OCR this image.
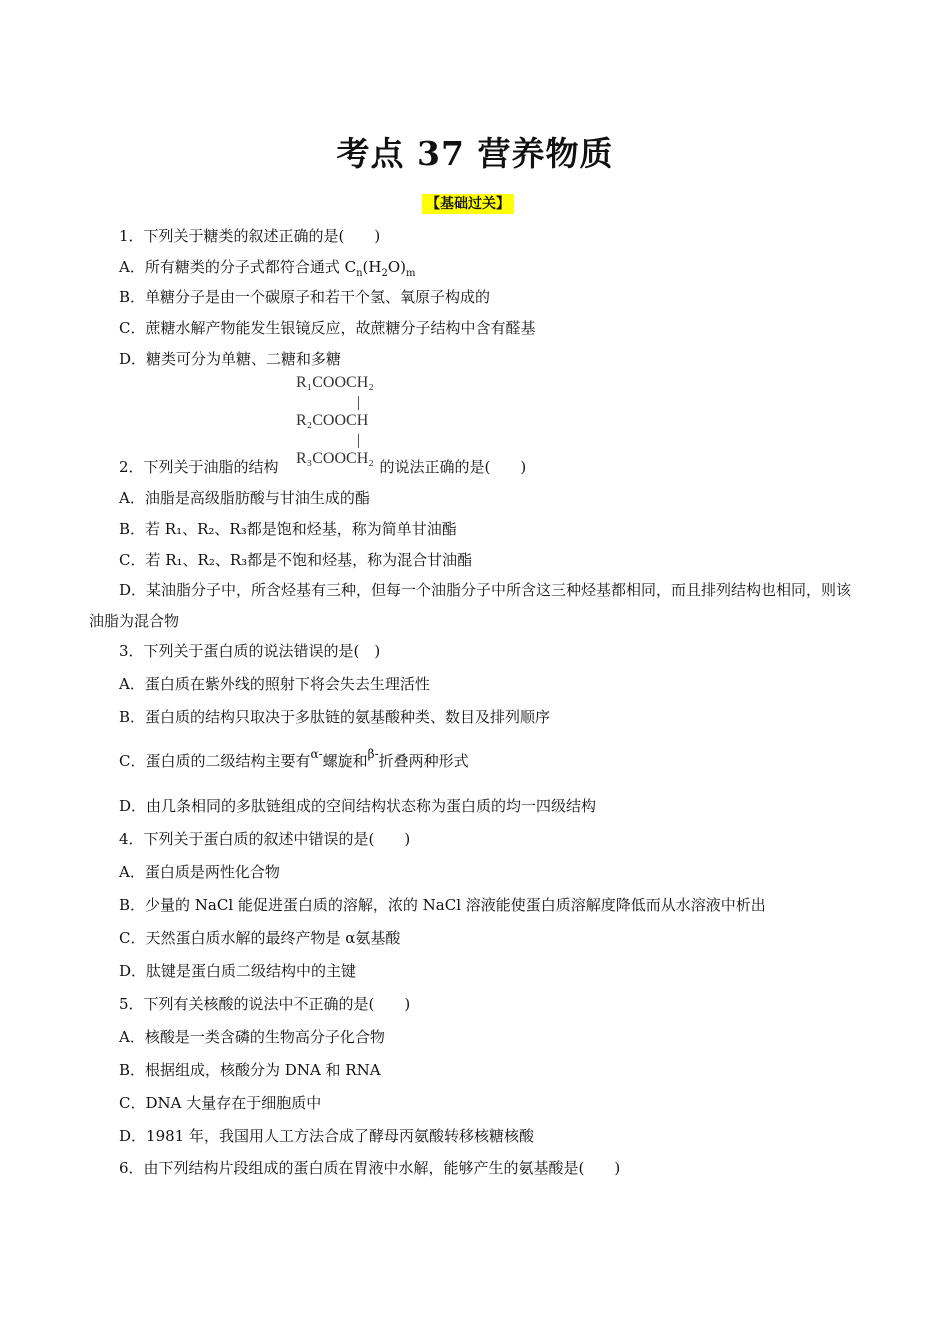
考点 37 营养物质
【基础过关】
1．下列关于糖类的叙述正确的是(　　)
A．所有糖类的分子式都符合通式 $C_n(H_2O)_m$
B．单糖分子是由一个碳原子和若干个氢、氧原子构成的
C．蔗糖水解产物能发生银镜反应，故蔗糖分子结构中含有醛基
D．糖类可分为单糖、二糖和多糖
R₁COOCH₂
R₂COOCH
R₃COOCH₂
2．下列关于油脂的结构	的说法正确的是(　　)
A．油脂是高级脂肪酸与甘油生成的酯
B．若 R₁、R₂、R₃都是饱和烃基，称为简单甘油酯
C．若 R₁、R₂、R₃都是不饱和烃基，称为混合甘油酯
D．某油脂分子中，所含烃基有三种，但每一个油脂分子中所含这三种烃基都相同，而且排列结构也相同，则该油脂为混合物
3．下列关于蛋白质的说法错误的是(　)
A．蛋白质在紫外线的照射下将会失去生理活性
B．蛋白质的结构只取决于多肽链的氨基酸种类、数目及排列顺序
C．蛋白质的二级结构主要有$^{\alpha-}$螺旋和$^{\beta-}$折叠两种形式
D．由几条相同的多肽链组成的空间结构状态称为蛋白质的均一四级结构
4．下列关于蛋白质的叙述中错误的是(　　)
A．蛋白质是两性化合物
B．少量的 NaCl 能促进蛋白质的溶解，浓的 NaCl 溶液能使蛋白质溶解度降低而从水溶液中析出
C．天然蛋白质水解的最终产物是 α氨基酸
D．肽键是蛋白质二级结构中的主键
5．下列有关核酸的说法中不正确的是(　　)
A．核酸是一类含磷的生物高分子化合物
B．根据组成，核酸分为 DNA 和 RNA
C．DNA 大量存在于细胞质中
D．1981 年，我国用人工方法合成了酵母丙氨酸转移核糖核酸
6．由下列结构片段组成的蛋白质在胃液中水解，能够产生的氨基酸是(　　)
